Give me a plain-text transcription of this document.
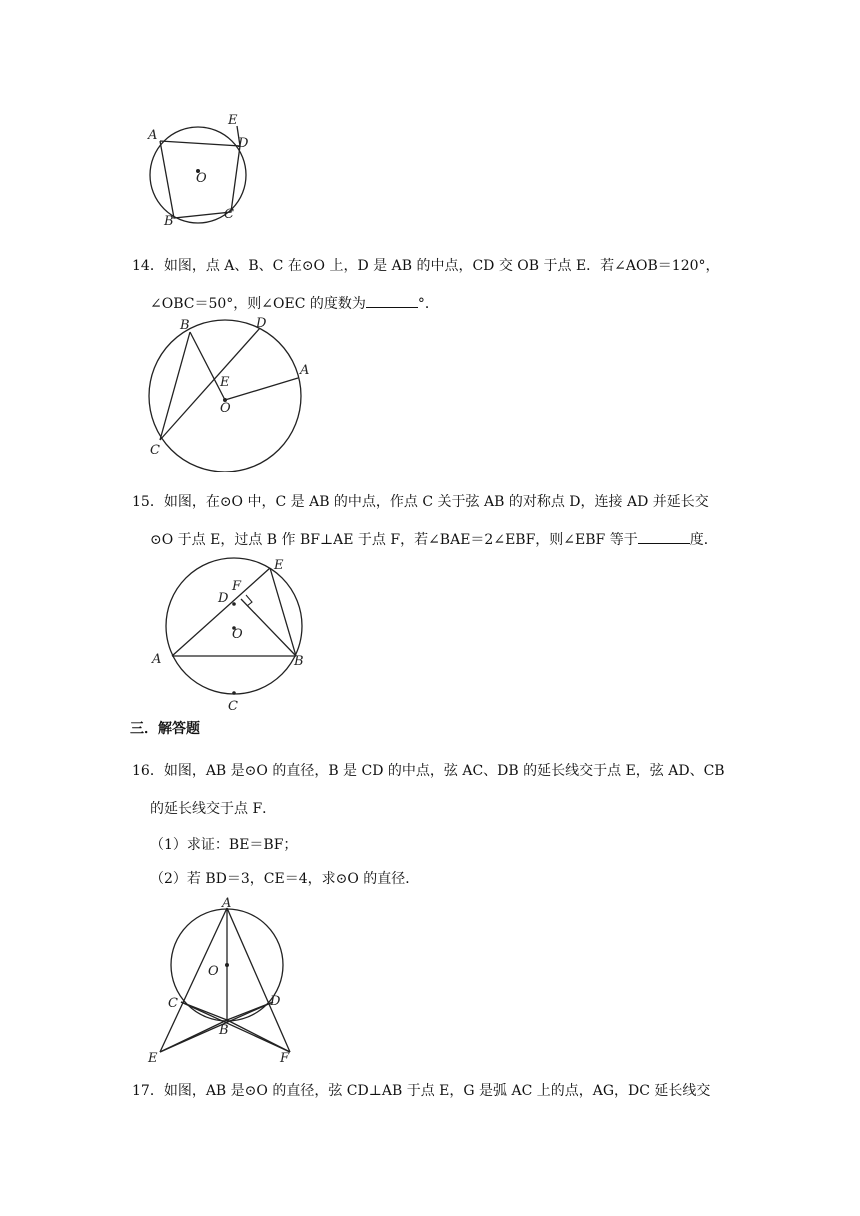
A
E
D
O
B	C
14．如图，点 A、B、C 在⊙O 上，D 是 AB 的中点，CD 交 OB 于点 E．若∠AOB＝120°，
∠OBC＝50°，则∠OEC 的度数为	°．
B	D
E
A
O
C
15．如图，在⊙O 中，C 是 AB 的中点，作点 C 关于弦 AB 的对称点 D，连接 AD 并延长交
⊙O 于点 E，过点 B 作 BF⊥AE 于点 F，若∠BAE＝2∠EBF，则∠EBF 等于	度．
E
F
D
O
A	B
C
三．解答题
16．如图，AB 是⊙O 的直径，B 是 CD 的中点，弦 AC、DB 的延长线交于点 E，弦 AD、CB
的延长线交于点 F．
（1）求证：BE＝BF；
（2）若 BD＝3，CE＝4，求⊙O 的直径．
A
O
C	D
B
E	F
17．如图，AB 是⊙O 的直径，弦 CD⊥AB 于点 E，G 是弧 AC 上的点，AG，DC 延长线交
